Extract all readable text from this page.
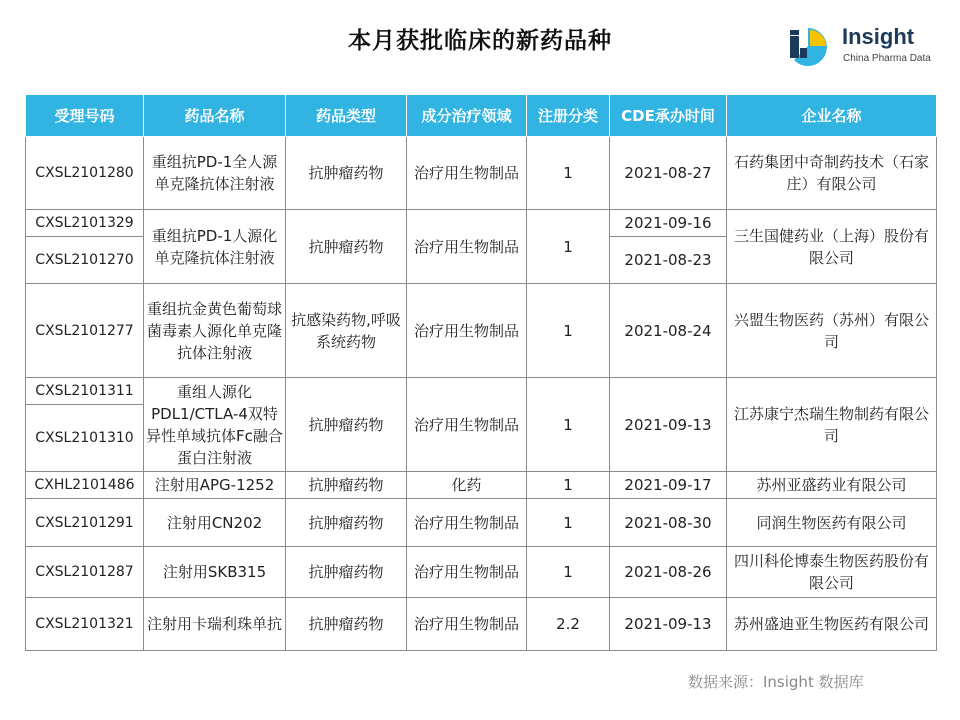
本月获批临床的新药品种	Insight
China Pharma Data
受理号码	药品名称	药品类型	成分治疗领域	注册分类	CDE承办时间	企业名称
CXSL2101280	重组抗PD-1全人源单克隆抗体注射液	抗肿瘤药物	治疗用生物制品	1	2021-08-27	石药集团中奇制药技术（石家庄）有限公司
CXSL2101329	重组抗PD-1人源化单克隆抗体注射液	抗肿瘤药物	治疗用生物制品	1	2021-09-16	三生国健药业（上海）股份有限公司
CXSL2101270					2021-08-23	
CXSL2101277	重组抗金黄色葡萄球菌毒素人源化单克隆抗体注射液	抗感染药物,呼吸系统药物	治疗用生物制品	1	2021-08-24	兴盟生物医药（苏州）有限公司
CXSL2101311	重组人源化PDL1/CTLA-4双特异性单域抗体Fc融合蛋白注射液	抗肿瘤药物	治疗用生物制品	1	2021-09-13	江苏康宁杰瑞生物制药有限公司
CXSL2101310						
CXHL2101486	注射用APG-1252	抗肿瘤药物	化药	1	2021-09-17	苏州亚盛药业有限公司
CXSL2101291	注射用CN202	抗肿瘤药物	治疗用生物制品	1	2021-08-30	同润生物医药有限公司
CXSL2101287	注射用SKB315	抗肿瘤药物	治疗用生物制品	1	2021-08-26	四川科伦博泰生物医药股份有限公司
CXSL2101321	注射用卡瑞利珠单抗	抗肿瘤药物	治疗用生物制品	2.2	2021-09-13	苏州盛迪亚生物医药有限公司
数据来源：Insight 数据库
